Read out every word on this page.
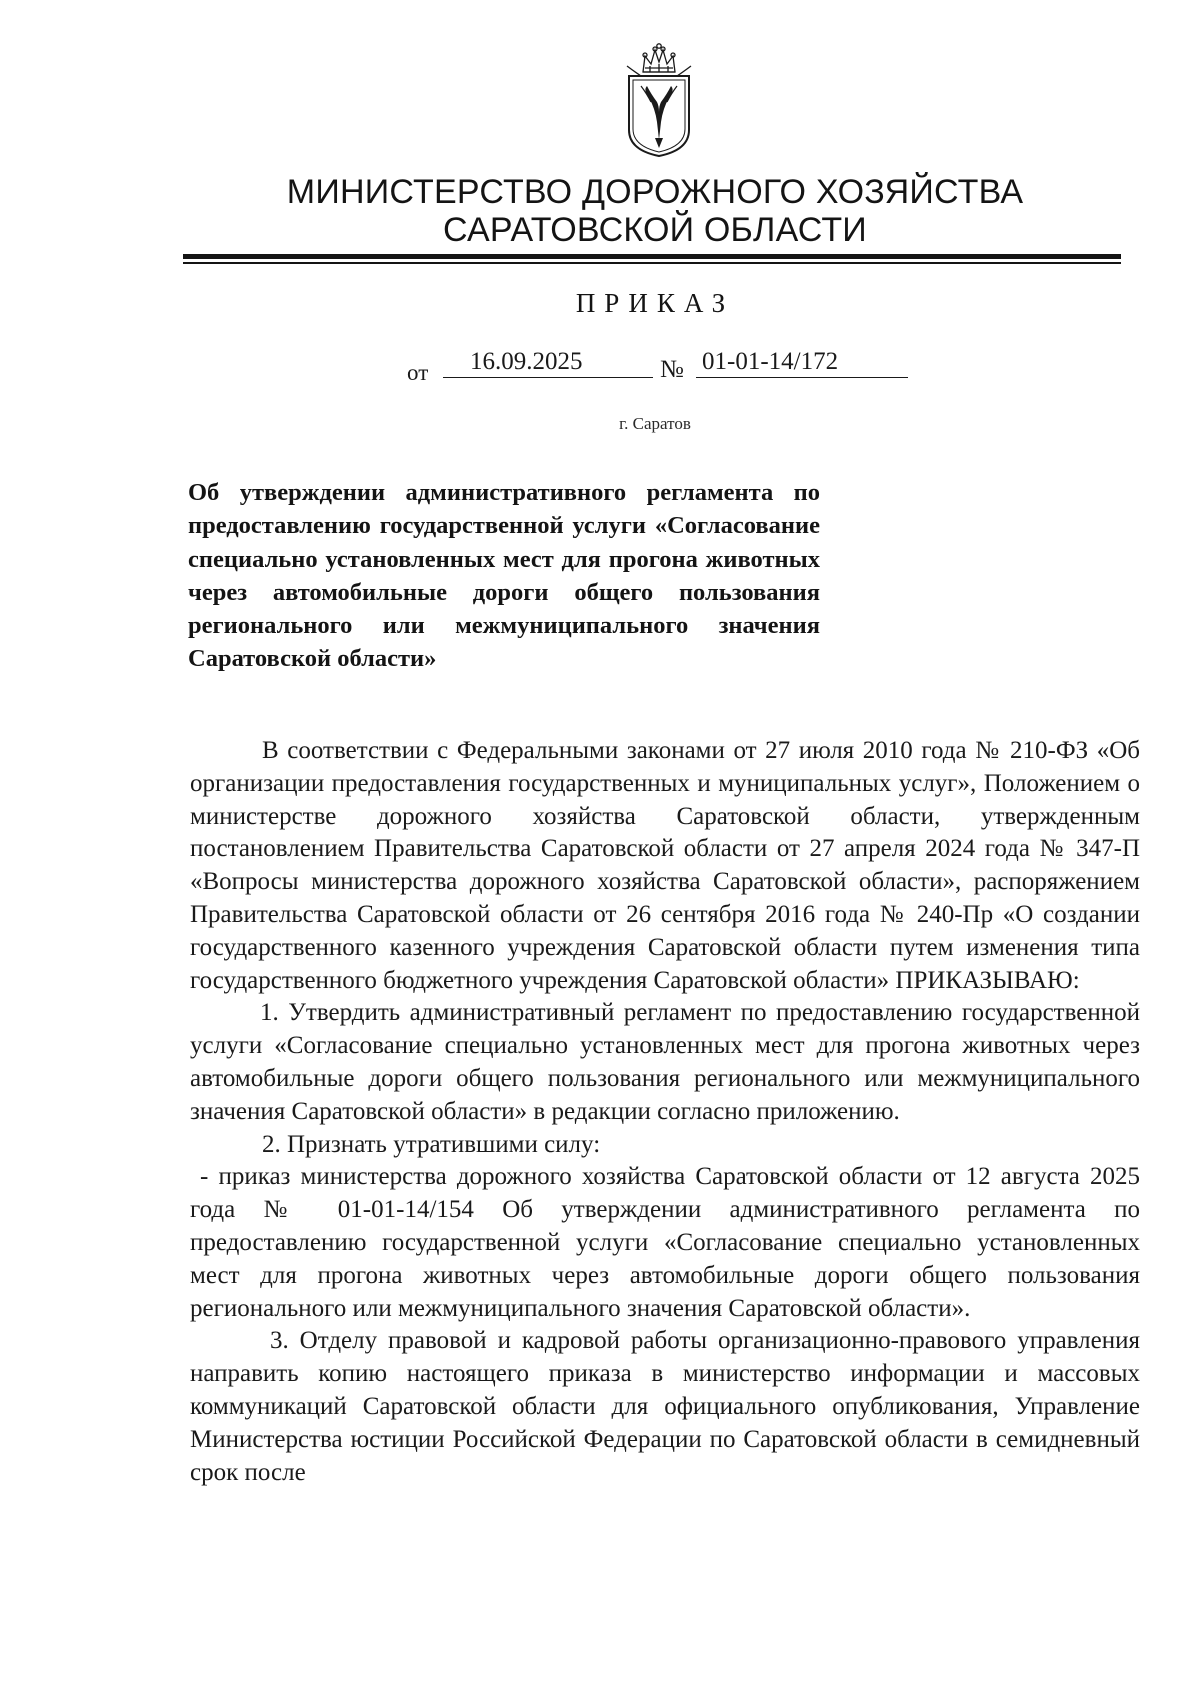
МИНИСТЕРСТВО ДОРОЖНОГО ХОЗЯЙСТВА
САРАТОВСКОЙ ОБЛАСТИ
ПРИКАЗ
от 16.09.2025	№ 01-01-14/172
г. Саратов
Об утверждении административного регламента по предоставлению государственной услуги «Согласование специально установленных мест для прогона животных через автомобильные дороги общего пользования регионального или межмуниципального значения Саратовской области»

В соответствии с Федеральными законами от 27 июля 2010 года № 210-ФЗ «Об организации предоставления государственных и муниципальных услуг», Положением о министерстве дорожного хозяйства Саратовской области, утвержденным постановлением Правительства Саратовской области от 27 апреля 2024 года № 347-П «Вопросы министерства дорожного хозяйства Саратовской области», распоряжением Правительства Саратовской области от 26 сентября 2016 года № 240-Пр «О создании государственного казенного учреждения Саратовской области путем изменения типа государственного бюджетного учреждения Саратовской области» ПРИКАЗЫВАЮ:

1. Утвердить административный регламент по предоставлению государственной услуги «Согласование специально установленных мест для прогона животных через автомобильные дороги общего пользования регионального или межмуниципального значения Саратовской области» в редакции согласно приложению.

2. Признать утратившими силу:

- приказ министерства дорожного хозяйства Саратовской области от 12 августа 2025 года № 01-01-14/154 Об утверждении административного регламента по предоставлению государственной услуги «Согласование специально установленных мест для прогона животных через автомобильные дороги общего пользования регионального или межмуниципального значения Саратовской области».

3. Отделу правовой и кадровой работы организационно-правового управления направить копию настоящего приказа в министерство информации и массовых коммуникаций Саратовской области для официального опубликования, Управление Министерства юстиции Российской Федерации по Саратовской области в семидневный срок после
